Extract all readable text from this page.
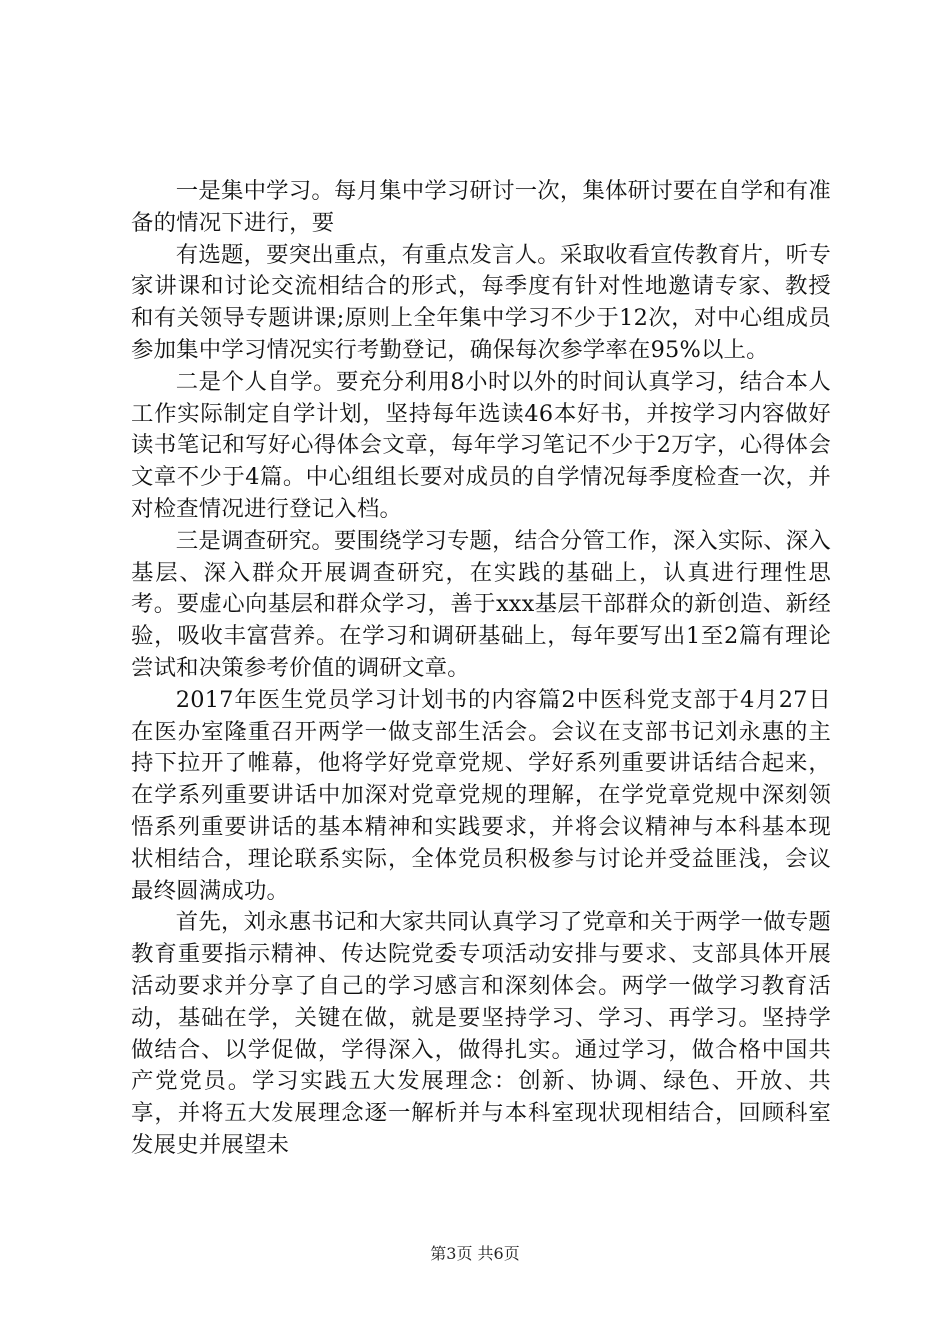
一是集中学习。每月集中学习研讨一次，集体研讨要在自学和有准备的情况下进行，要

有选题，要突出重点，有重点发言人。采取收看宣传教育片，听专家讲课和讨论交流相结合的形式，每季度有针对性地邀请专家、教授和有关领导专题讲课;原则上全年集中学习不少于12次，对中心组成员参加集中学习情况实行考勤登记，确保每次参学率在95%以上。

二是个人自学。要充分利用8小时以外的时间认真学习，结合本人工作实际制定自学计划，坚持每年选读46本好书，并按学习内容做好读书笔记和写好心得体会文章，每年学习笔记不少于2万字，心得体会文章不少于4篇。中心组组长要对成员的自学情况每季度检查一次，并对检查情况进行登记入档。

三是调查研究。要围绕学习专题，结合分管工作，深入实际、深入基层、深入群众开展调查研究，在实践的基础上，认真进行理性思考。要虚心向基层和群众学习，善于xxx基层干部群众的新创造、新经验，吸收丰富营养。在学习和调研基础上，每年要写出1至2篇有理论尝试和决策参考价值的调研文章。

2017年医生党员学习计划书的内容篇2中医科党支部于4月27日在医办室隆重召开两学一做支部生活会。会议在支部书记刘永惠的主持下拉开了帷幕，他将学好党章党规、学好系列重要讲话结合起来，在学系列重要讲话中加深对党章党规的理解，在学党章党规中深刻领悟系列重要讲话的基本精神和实践要求，并将会议精神与本科基本现状相结合，理论联系实际，全体党员积极参与讨论并受益匪浅，会议最终圆满成功。

首先，刘永惠书记和大家共同认真学习了党章和关于两学一做专题教育重要指示精神、传达院党委专项活动安排与要求、支部具体开展活动要求并分享了自己的学习感言和深刻体会。两学一做学习教育活动，基础在学，关键在做，就是要坚持学习、学习、再学习。坚持学做结合、以学促做，学得深入，做得扎实。通过学习，做合格中国共产党党员。学习实践五大发展理念：创新、协调、绿色、开放、共享，并将五大发展理念逐一解析并与本科室现状现相结合，回顾科室发展史并展望未

第3页 共6页
